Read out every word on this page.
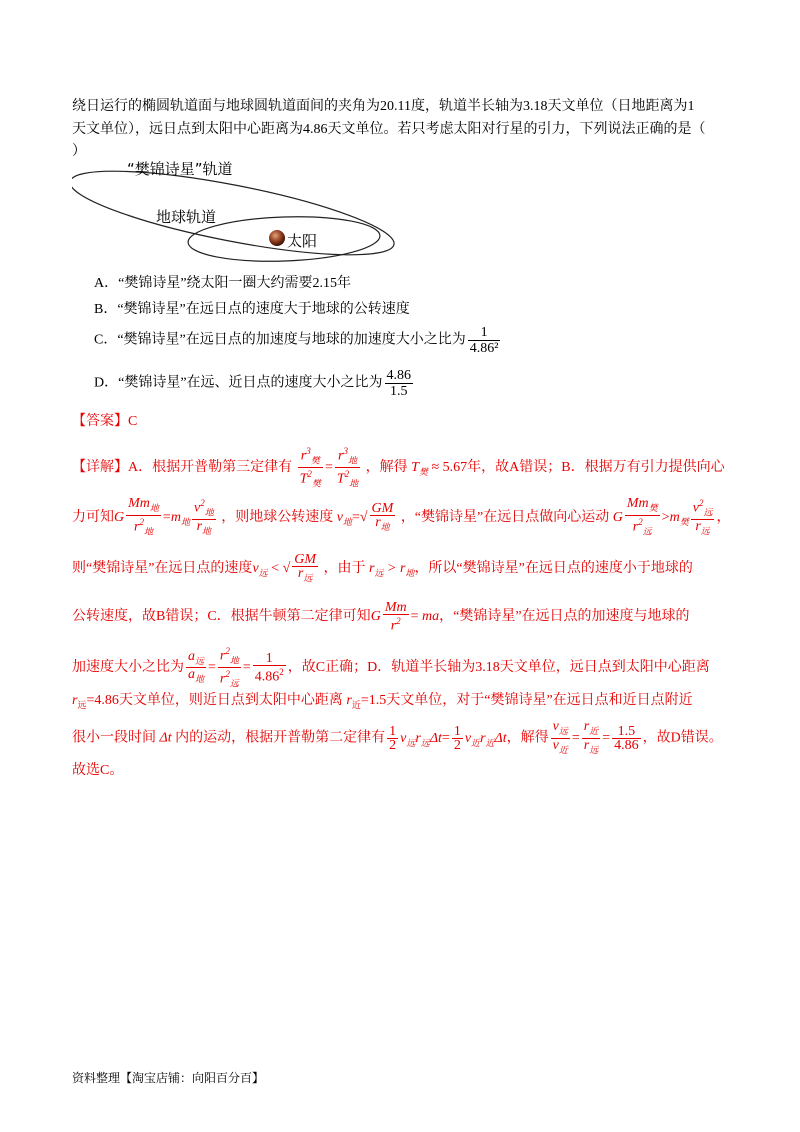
绕日运行的椭圆轨道面与地球圆轨道面间的夹角为20.11度，轨道半长轴为3.18天文单位（日地距离为1
天文单位），远日点到太阳中心距离为4.86天文单位。若只考虑太阳对行星的引力，下列说法正确的是（
）
“樊锦诗星”轨道
地球轨道
太阳
A．“樊锦诗星”绕太阳一圈大约需要2.15年
B．“樊锦诗星”在远日点的速度大于地球的公转速度
C．“樊锦诗星”在远日点的加速度与地球的加速度大小之比为 $\frac{1}{\text{4.86²}}$
D．“樊锦诗星”在远、近日点的速度大小之比为 $\frac{4.86}{1.5}$
【答案】C
【详解】A．根据开普勒第三定律有 $\frac{r^3_樊}{T^2_樊} = \frac{r^3_地}{T^2_地}$ ，解得 $T_樊 \approx 5.67$年，故A错误；B．根据万有引力提供向心
力可知G $\frac{Mm_地}{r^2_地} =m_地 \frac{v^2_地}{r_地}$ ，则地球公转速度 $v_地=√ \frac{GM}{r_地}$ ，“樊锦诗星”在远日点做向心运动 G $\frac{Mm_樊}{r^2_远} >m_樊 \frac{v^2_远}{r_远}$ ，
则“樊锦诗星”在远日点的速度$v_远$ < √ $\frac{GM}{r_远}$ ，由于 $r_远 > r_地$，所以“樊锦诗星”在远日点的速度小于地球的
公转速度，故B错误；C．根据牛顿第二定律可知G $\frac{Mm}{r^2}$ = ma，“樊锦诗星”在远日点的加速度与地球的
加速度大小之比为 $\frac{a_远}{a_地} = \frac{r^2_地}{r^2_远} = \frac{1}{4.86^2}$ ，故C正确；D．轨道半长轴为3.18天文单位，远日点到太阳中心距离
$r_远=4.86$天文单位，则近日点到太阳中心距离 $r_近=1.5$天文单位，对于“樊锦诗星”在远日点和近日点附近
很小一段时间 Δt 内的运动，根据开普勒第二定律有 $\frac{1}{2} v_远r_远\Delta t= \frac{1}{2} v_近r_近\Delta t$，解得 $\frac{v_远}{v_近} = \frac{r_近}{r_远} = \frac{1.5}{4.86}$ ，故D错误。
故选C。
资料整理【淘宝店铺：向阳百分百】
